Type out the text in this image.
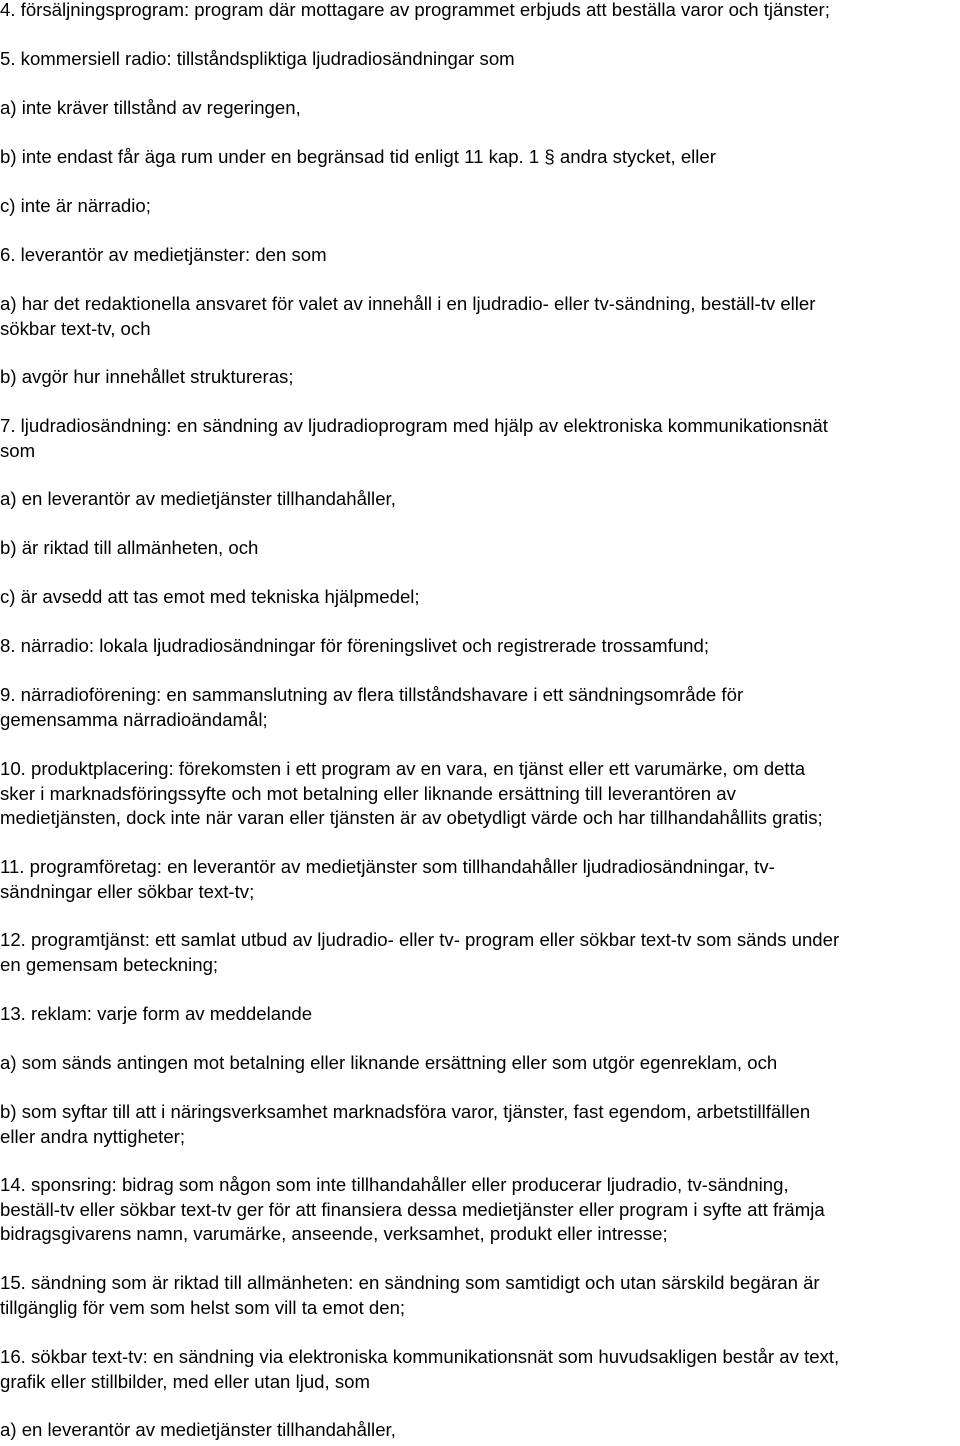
4. försäljningsprogram: program där mottagare av programmet erbjuds att beställa varor och tjänster;

5. kommersiell radio: tillståndspliktiga ljudradiosändningar som

a) inte kräver tillstånd av regeringen,

b) inte endast får äga rum under en begränsad tid enligt 11 kap. 1 § andra stycket, eller

c) inte är närradio;

6. leverantör av medietjänster: den som

a) har det redaktionella ansvaret för valet av innehåll i en ljudradio- eller tv-sändning, beställ-tv eller
sökbar text-tv, och

b) avgör hur innehållet struktureras;

7. ljudradiosändning: en sändning av ljudradioprogram med hjälp av elektroniska kommunikationsnät
som

a) en leverantör av medietjänster tillhandahåller,

b) är riktad till allmänheten, och

c) är avsedd att tas emot med tekniska hjälpmedel;

8. närradio: lokala ljudradiosändningar för föreningslivet och registrerade trossamfund;

9. närradioförening: en sammanslutning av flera tillståndshavare i ett sändningsområde för
gemensamma närradioändamål;

10. produktplacering: förekomsten i ett program av en vara, en tjänst eller ett varumärke, om detta
sker i marknadsföringssyfte och mot betalning eller liknande ersättning till leverantören av
medietjänsten, dock inte när varan eller tjänsten är av obetydligt värde och har tillhandahållits gratis;

11. programföretag: en leverantör av medietjänster som tillhandahåller ljudradiosändningar, tv-
sändningar eller sökbar text-tv;

12. programtjänst: ett samlat utbud av ljudradio- eller tv- program eller sökbar text-tv som sänds under
en gemensam beteckning;

13. reklam: varje form av meddelande

a) som sänds antingen mot betalning eller liknande ersättning eller som utgör egenreklam, och

b) som syftar till att i näringsverksamhet marknadsföra varor, tjänster, fast egendom, arbetstillfällen
eller andra nyttigheter;

14. sponsring: bidrag som någon som inte tillhandahåller eller producerar ljudradio, tv-sändning,
beställ-tv eller sökbar text-tv ger för att finansiera dessa medietjänster eller program i syfte att främja
bidragsgivarens namn, varumärke, anseende, verksamhet, produkt eller intresse;

15. sändning som är riktad till allmänheten: en sändning som samtidigt och utan särskild begäran är
tillgänglig för vem som helst som vill ta emot den;

16. sökbar text-tv: en sändning via elektroniska kommunikationsnät som huvudsakligen består av text,
grafik eller stillbilder, med eller utan ljud, som

a) en leverantör av medietjänster tillhandahåller,
